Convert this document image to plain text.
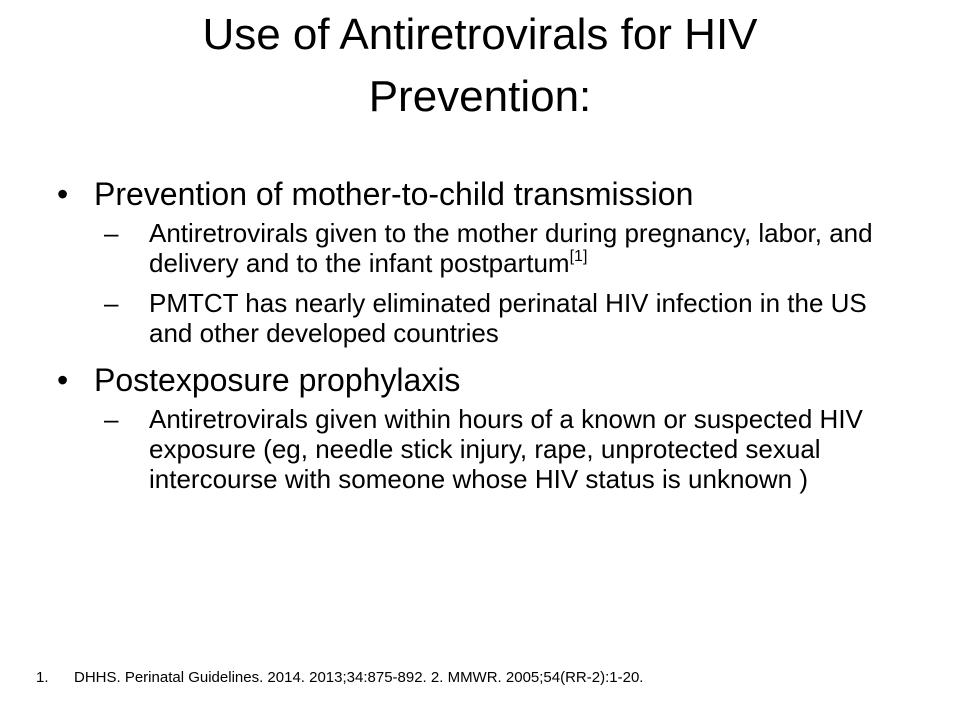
Use of Antiretrovirals for HIV
Prevention:
• Prevention of mother-to-child transmission
– Antiretrovirals given to the mother during pregnancy, labor, and delivery and to the infant postpartum[1]
– PMTCT has nearly eliminated perinatal HIV infection in the US and other developed countries
• Postexposure prophylaxis
– Antiretrovirals given within hours of a known or suspected HIV exposure (eg, needle stick injury, rape, unprotected sexual intercourse with someone whose HIV status is unknown )
1. DHHS. Perinatal Guidelines. 2014. 2013;34:875-892. 2. MMWR. 2005;54(RR-2):1-20.
